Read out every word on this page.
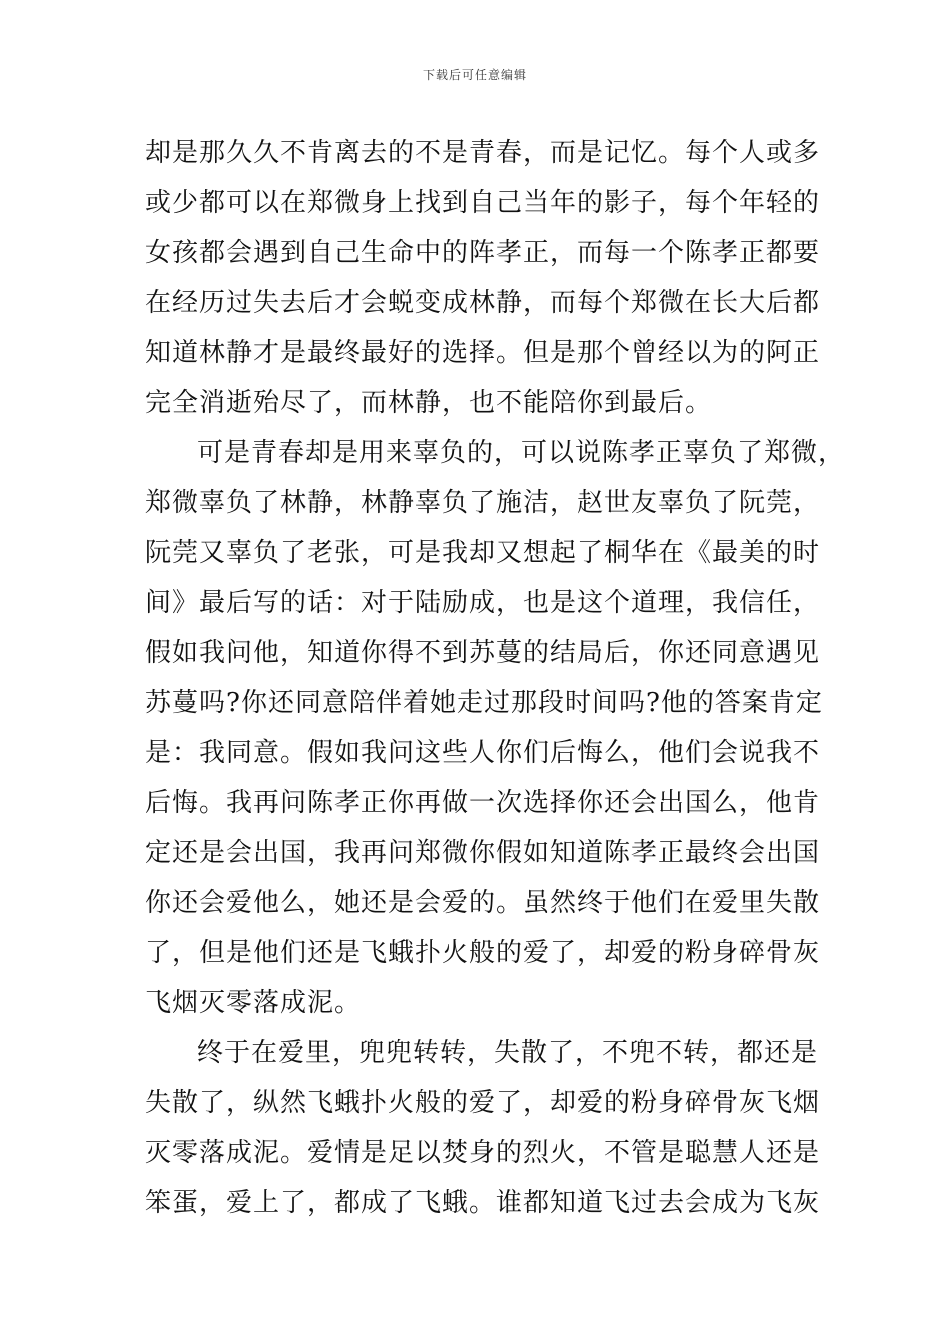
下载后可任意编辑
却是那久久不肯离去的不是青春，而是记忆。每个人或多
或少都可以在郑微身上找到自己当年的影子，每个年轻的
女孩都会遇到自己生命中的阵孝正，而每一个陈孝正都要
在经历过失去后才会蜕变成林静，而每个郑微在长大后都
知道林静才是最终最好的选择。但是那个曾经以为的阿正
完全消逝殆尽了，而林静，也不能陪你到最后。
可是青春却是用来辜负的，可以说陈孝正辜负了郑微，
郑微辜负了林静，林静辜负了施洁，赵世友辜负了阮莞，
阮莞又辜负了老张，可是我却又想起了桐华在《最美的时
间》最后写的话：对于陆励成，也是这个道理，我信任，
假如我问他，知道你得不到苏蔓的结局后，你还同意遇见
苏蔓吗?你还同意陪伴着她走过那段时间吗?他的答案肯定
是：我同意。假如我问这些人你们后悔么，他们会说我不
后悔。我再问陈孝正你再做一次选择你还会出国么，他肯
定还是会出国，我再问郑微你假如知道陈孝正最终会出国
你还会爱他么，她还是会爱的。虽然终于他们在爱里失散
了，但是他们还是飞蛾扑火般的爱了，却爱的粉身碎骨灰
飞烟灭零落成泥。
终于在爱里，兜兜转转，失散了，不兜不转，都还是
失散了，纵然飞蛾扑火般的爱了，却爱的粉身碎骨灰飞烟
灭零落成泥。爱情是足以焚身的烈火，不管是聪慧人还是
笨蛋，爱上了，都成了飞蛾。谁都知道飞过去会成为飞灰
